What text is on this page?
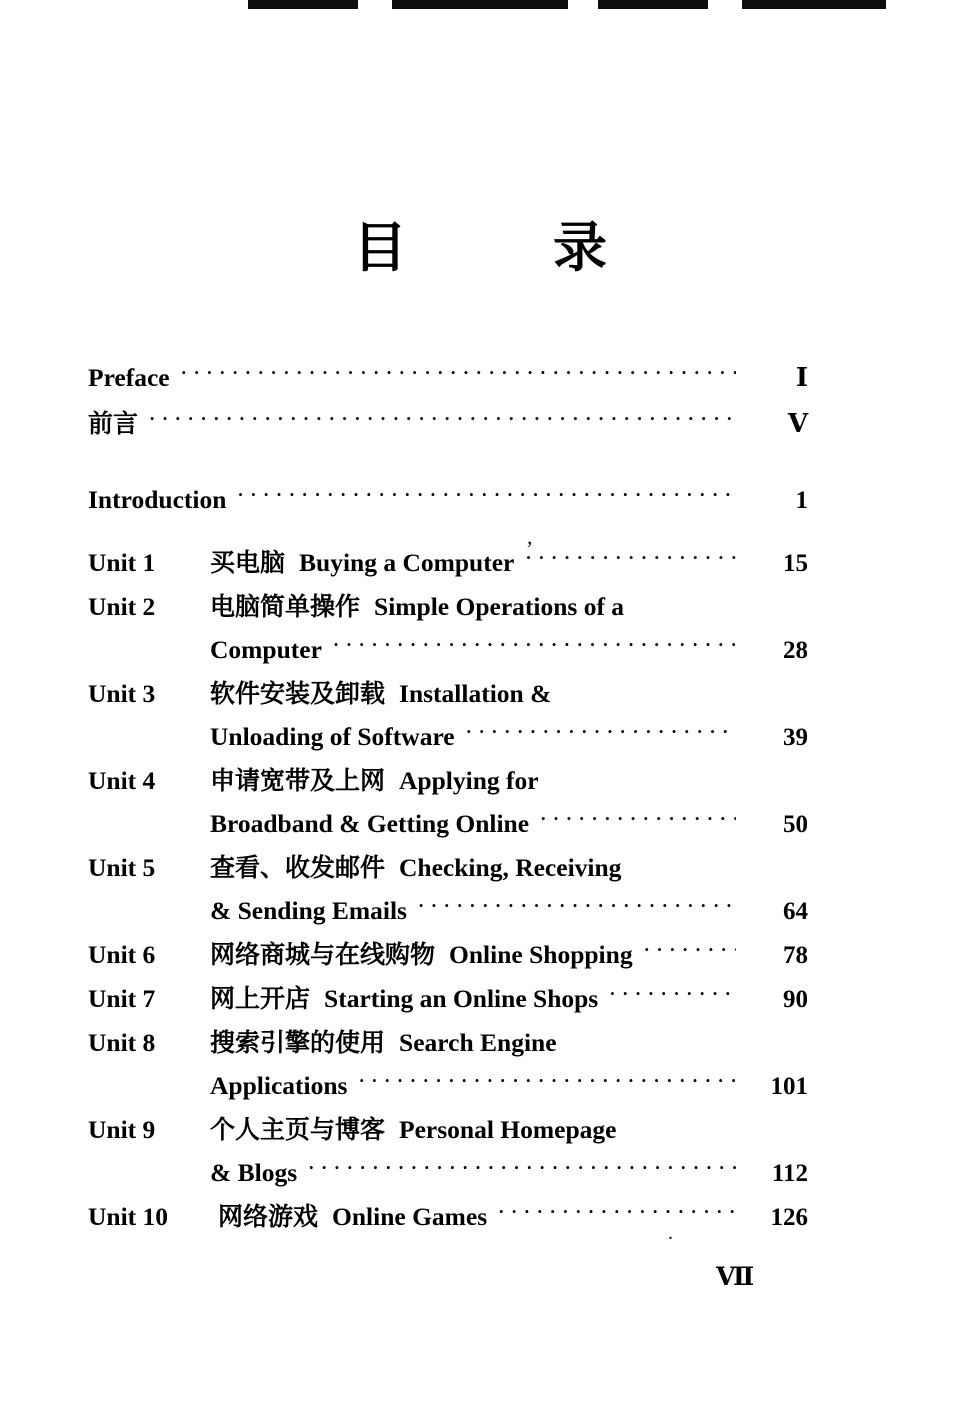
目　录
Preface ·····	Ⅰ
前言 ·····	Ⅴ
Introduction ·····	1
Unit 1	买电脑 Buying a Computer ·····	15
Unit 2	电脑简单操作 Simple Operations of a
Computer ·····	28
Unit 3	软件安装及卸载 Installation &
Unloading of Software ·····	39
Unit 4	申请宽带及上网 Applying for
Broadband & Getting Online ·····	50
Unit 5	查看、收发邮件 Checking, Receiving
& Sending Emails ·····	64
Unit 6	网络商城与在线购物 Online Shopping ·····	78
Unit 7	网上开店 Starting an Online Shops ·····	90
Unit 8	搜索引擎的使用 Search Engine
Applications ·····	101
Unit 9	个人主页与博客 Personal Homepage
& Blogs ·····	112
Unit 10	网络游戏 Online Games ·····	126
,
.
Ⅶ
